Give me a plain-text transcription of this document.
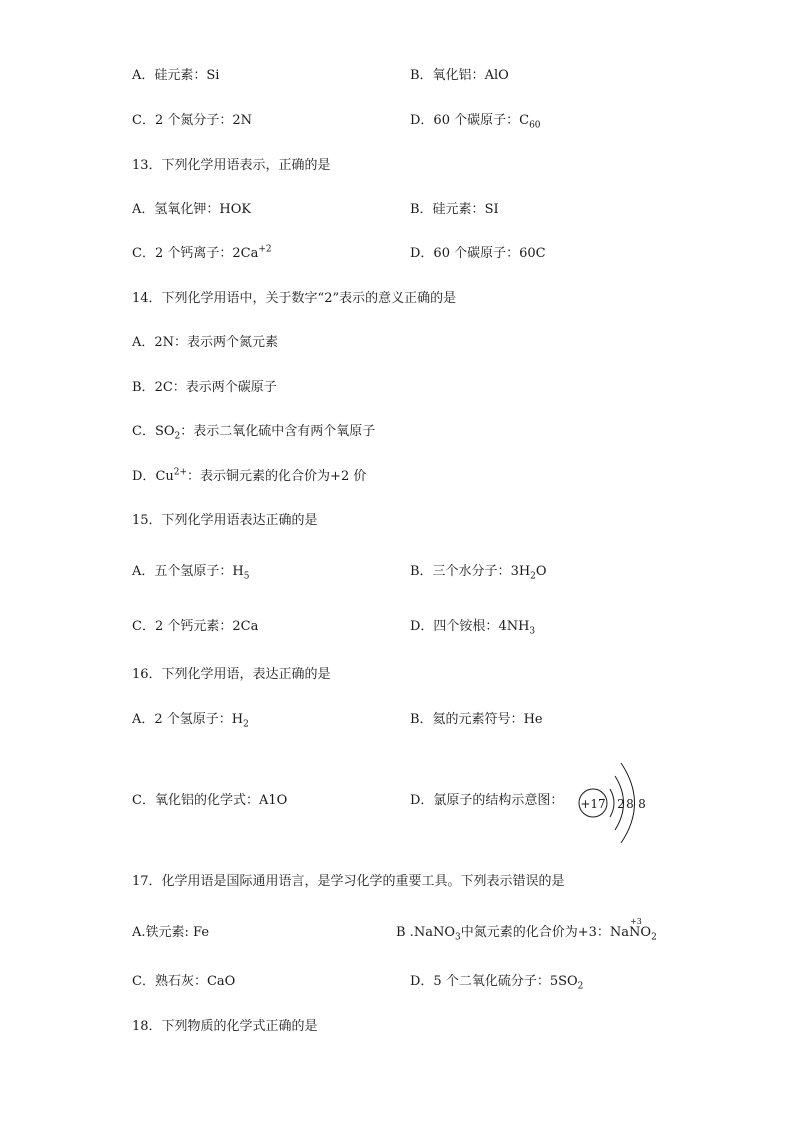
A．硅元素：Si	B．氧化铝：AlO
C．2 个氮分子：2N	D．60 个碳原子：$C_{60}$
13．下列化学用语表示，正确的是
A．氢氧化钾：HOK	B．硅元素：SI
C．2 个钙离子：$2Ca^{+2}$	D．60 个碳原子：60C
14．下列化学用语中，关于数字“2”表示的意义正确的是
A．2N：表示两个氮元素
B．2C：表示两个碳原子
C．$SO_2$：表示二氧化硫中含有两个氧原子
D．$Cu^{2+}$：表示铜元素的化合价为+2 价
15．下列化学用语表达正确的是
A．五个氢原子：$H_5$	B．三个水分子：$3H_2O$
C．2 个钙元素：2Ca	D．四个铵根：$4NH_3$
16．下列化学用语，表达正确的是
A．2 个氢原子：$H_2$	B．氦的元素符号：He
C．氧化铝的化学式：A1O	D．氯原子的结构示意图： +17 2 8 8
17．化学用语是国际通用语言，是学习化学的重要工具。下列表示错误的是
A.铁元素: Fe	B .NaNO$_3$中氮元素的化合价为+3：Na
+3
$NO_2$
C．熟石灰：CaO	D．5 个二氧化硫分子：$5SO_2$
18．下列物质的化学式正确的是
